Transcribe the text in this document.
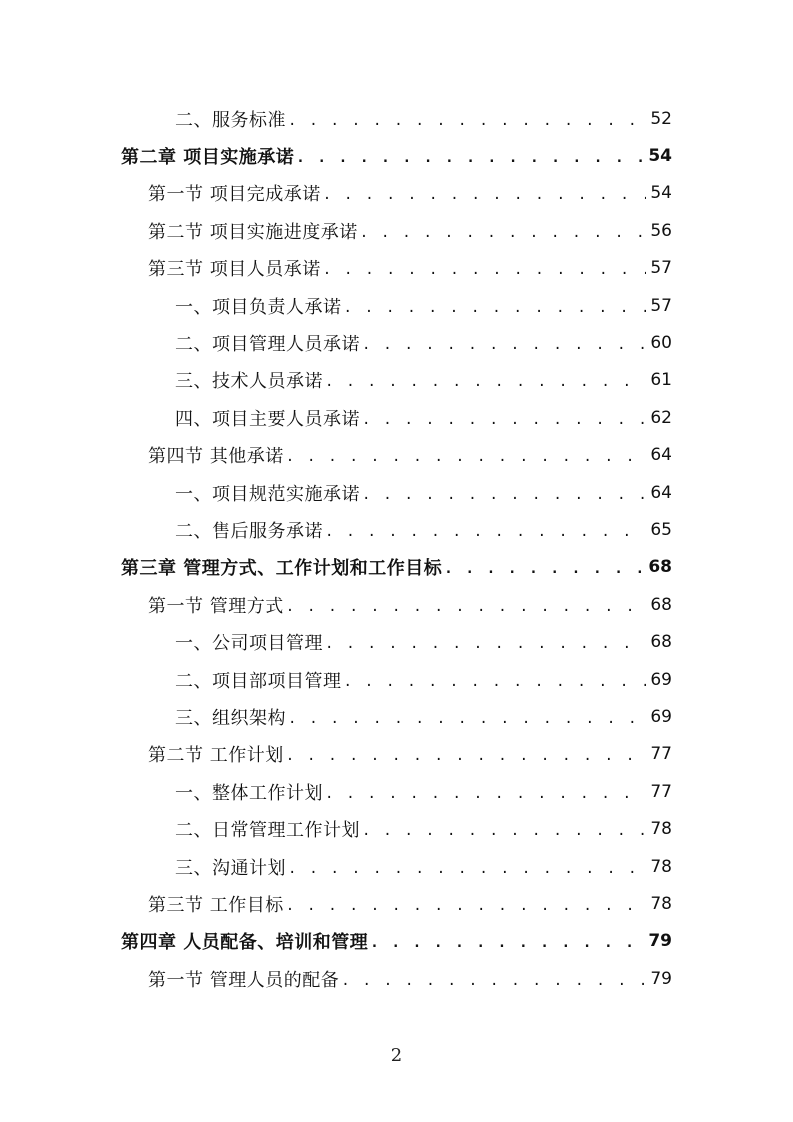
二、服务标准 . . .	52
第二章 项目实施承诺 . . .	54
第一节 项目完成承诺 . . .	54
第二节 项目实施进度承诺 . . .	56
第三节 项目人员承诺 . . .	57
一、项目负责人承诺 . . .	57
二、项目管理人员承诺 . . .	60
三、技术人员承诺 . . .	61
四、项目主要人员承诺 . . .	62
第四节 其他承诺 . . .	64
一、项目规范实施承诺 . . .	64
二、售后服务承诺 . . .	65
第三章 管理方式、工作计划和工作目标 . . .	68
第一节 管理方式 . . .	68
一、公司项目管理 . . .	68
二、项目部项目管理 . . .	69
三、组织架构 . . .	69
第二节 工作计划 . . .	77
一、整体工作计划 . . .	77
二、日常管理工作计划 . . .	78
三、沟通计划 . . .	78
第三节 工作目标 . . .	78
第四章 人员配备、培训和管理 . . .	79
第一节 管理人员的配备 . . .	79
2
